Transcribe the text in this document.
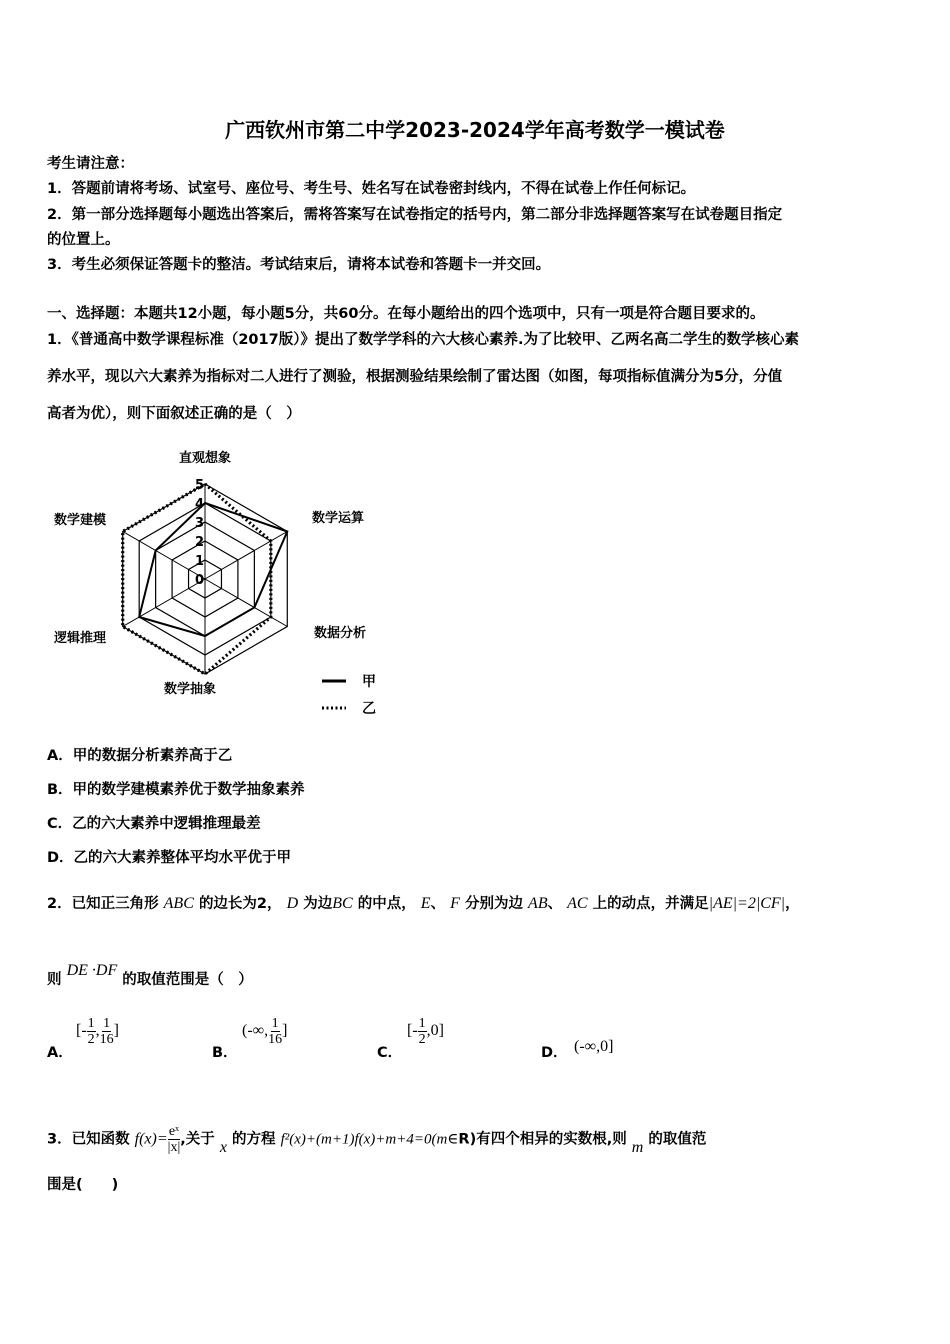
广西钦州市第二中学2023-2024学年高考数学一模试卷
考生请注意：
1．答题前请将考场、试室号、座位号、考生号、姓名写在试卷密封线内，不得在试卷上作任何标记。
2．第一部分选择题每小题选出答案后，需将答案写在试卷指定的括号内，第二部分非选择题答案写在试卷题目指定
的位置上。
3．考生必须保证答题卡的整洁。考试结束后，请将本试卷和答题卡一并交回。
一、选择题：本题共12小题，每小题5分，共60分。在每小题给出的四个选项中，只有一项是符合题目要求的。
1．《普通高中数学课程标准（2017版）》提出了数学学科的六大核心素养.为了比较甲、乙两名高二学生的数学核心素
养水平，现以六大素养为指标对二人进行了测验，根据测验结果绘制了雷达图（如图，每项指标值满分为5分，分值
高者为优），则下面叙述正确的是（　）
直观想象
数学运算
数据分析
数学抽象
逻辑推理
数学建模
0
1
2
3
4
5
甲
乙
A．甲的数据分析素养高于乙
B．甲的数学建模素养优于数学抽象素养
C．乙的六大素养中逻辑推理最差
D．乙的六大素养整体平均水平优于甲
2．已知正三角形 ABC 的边长为2， D 为边BC 的中点， E、 F 分别为边 AB、 AC 上的动点，并满足|AE|=2|CF|，
则 DE ·DF 的取值范围是（　）
A．
[- $\frac{1}{2}$ , $\frac{1}{16}$ ]
B．
(-∞, $\frac{1}{16}$ ]
C．
[- $\frac{1}{2} ,0$]
D． (-∞,0]
3．已知函数 $f(x)= \frac{\text{eˣ}}{|x|}$ ,关于 x 的方程 f²(x)+(m+1)f(x)+m+4=0(m∈R)有四个相异的实数根,则 m 的取值范
围是(　　)
